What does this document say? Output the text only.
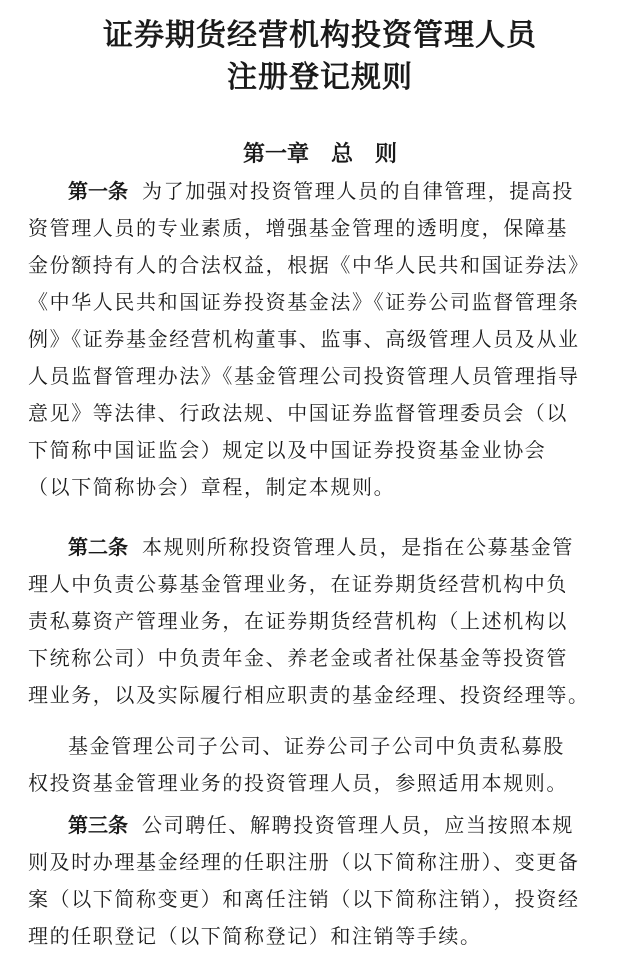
证券期货经营机构投资管理人员
注册登记规则
第一章　总　则
第一条 为了加强对投资管理人员的自律管理，提高投
资管理人员的专业素质，增强基金管理的透明度，保障基
金份额持有人的合法权益，根据《中华人民共和国证券法》
《中华人民共和国证券投资基金法》《证券公司监督管理条
例》《证券基金经营机构董事、监事、高级管理人员及从业
人员监督管理办法》《基金管理公司投资管理人员管理指导
意见》等法律、行政法规、中国证券监督管理委员会（以
下简称中国证监会）规定以及中国证券投资基金业协会
（以下简称协会）章程，制定本规则。
第二条 本规则所称投资管理人员，是指在公募基金管
理人中负责公募基金管理业务，在证券期货经营机构中负
责私募资产管理业务，在证券期货经营机构（上述机构以
下统称公司）中负责年金、养老金或者社保基金等投资管
理业务，以及实际履行相应职责的基金经理、投资经理等。
基金管理公司子公司、证券公司子公司中负责私募股
权投资基金管理业务的投资管理人员，参照适用本规则。
第三条 公司聘任、解聘投资管理人员，应当按照本规
则及时办理基金经理的任职注册（以下简称注册）、变更备
案（以下简称变更）和离任注销（以下简称注销），投资经
理的任职登记（以下简称登记）和注销等手续。
